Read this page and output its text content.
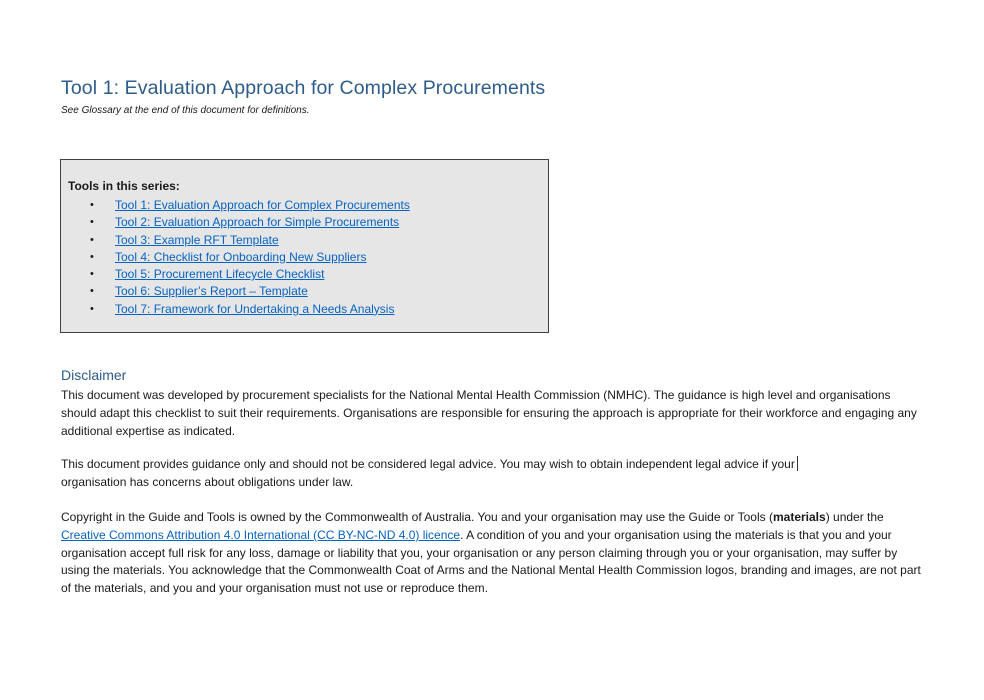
Tool 1: Evaluation Approach for Complex Procurements
See Glossary at the end of this document for definitions.
Tools in this series:
• Tool 1: Evaluation Approach for Complex Procurements
• Tool 2: Evaluation Approach for Simple Procurements
• Tool 3: Example RFT Template
• Tool 4: Checklist for Onboarding New Suppliers
• Tool 5: Procurement Lifecycle Checklist
• Tool 6: Supplier’s Report – Template
• Tool 7: Framework for Undertaking a Needs Analysis
Disclaimer

This document was developed by procurement specialists for the National Mental Health Commission (NMHC). The guidance is high level and organisations should adapt this checklist to suit their requirements. Organisations are responsible for ensuring the approach is appropriate for their workforce and engaging any additional expertise as indicated.

This document provides guidance only and should not be considered legal advice. You may wish to obtain independent legal advice if your
organisation has concerns about obligations under law.

Copyright in the Guide and Tools is owned by the Commonwealth of Australia. You and your organisation may use the Guide or Tools (materials) under the Creative Commons Attribution 4.0 International (CC BY-NC-ND 4.0) licence. A condition of you and your organisation using the materials is that you and your organisation accept full risk for any loss, damage or liability that you, your organisation or any person claiming through you or your organisation, may suffer by using the materials. You acknowledge that the Commonwealth Coat of Arms and the National Mental Health Commission logos, branding and images, are not part of the materials, and you and your organisation must not use or reproduce them.
